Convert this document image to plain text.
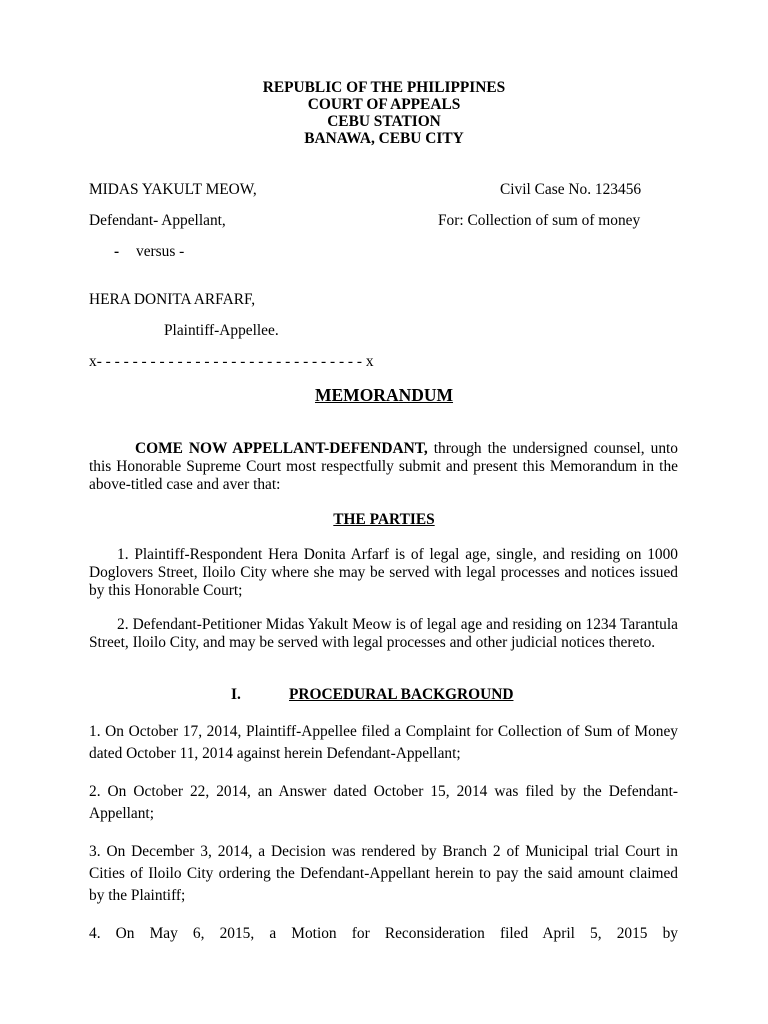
REPUBLIC OF THE PHILIPPINES
COURT OF APPEALS
CEBU STATION
BANAWA, CEBU CITY
MIDAS YAKULT MEOW,	Civil Case No. 123456
Defendant- Appellant,	For: Collection of sum of money
- versus -
HERA DONITA ARFARF,
Plaintiff-Appellee.
x- - - - - - - - - - - - - - - - - - - - - - - - - - - - - - x
MEMORANDUM
COME NOW APPELLANT-DEFENDANT, through the undersigned counsel, unto this Honorable Supreme Court most respectfully submit and present this Memorandum in the above-titled case and aver that:
THE PARTIES
1. Plaintiff-Respondent Hera Donita Arfarf is of legal age, single, and residing on 1000 Doglovers Street, Iloilo City where she may be served with legal processes and notices issued by this Honorable Court;
2. Defendant-Petitioner Midas Yakult Meow is of legal age and residing on 1234 Tarantula Street, Iloilo City, and may be served with legal processes and other judicial notices thereto.
I.	PROCEDURAL BACKGROUND
1. On October 17, 2014, Plaintiff-Appellee filed a Complaint for Collection of Sum of Money dated October 11, 2014 against herein Defendant-Appellant;
2. On October 22, 2014, an Answer dated October 15, 2014 was filed by the Defendant-Appellant;
3. On December 3, 2014, a Decision was rendered by Branch 2 of Municipal trial Court in Cities of Iloilo City ordering the Defendant-Appellant herein to pay the said amount claimed by the Plaintiff;
4. On May 6, 2015, a Motion for Reconsideration filed April 5, 2015 by
